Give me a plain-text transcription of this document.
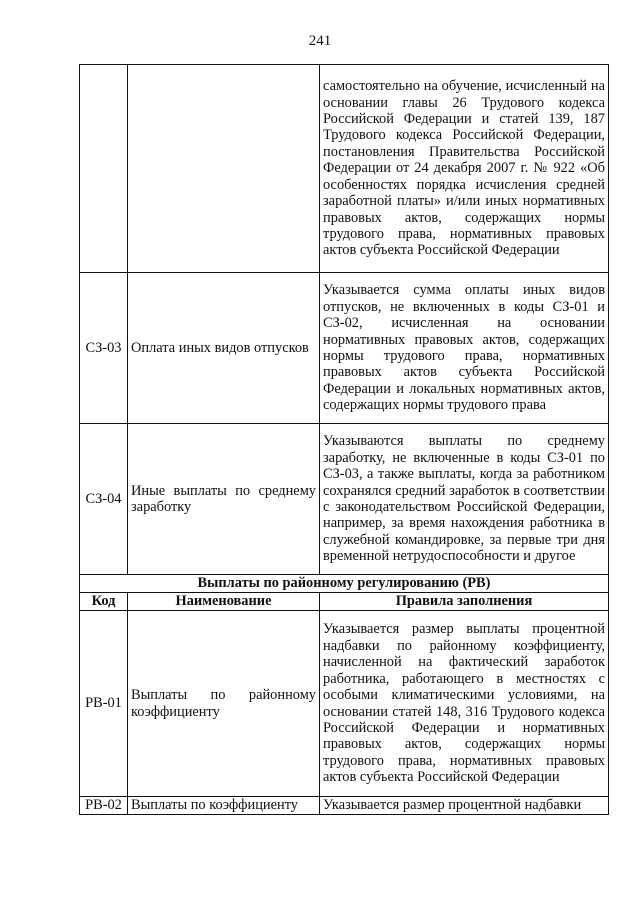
241
		самостоятельно на обучение, исчисленный на основании главы 26 Трудового кодекса Российской Федерации и статей 139, 187 Трудового кодекса Российской Федерации, постановления Правительства Российской Федерации от 24 декабря 2007 г. № 922 «Об особенностях порядка исчисления средней заработной платы» и/или иных нормативных правовых актов, содержащих нормы трудового права, нормативных правовых актов субъекта Российской Федерации
СЗ-03	Оплата иных видов отпусков	Указывается сумма оплаты иных видов отпусков, не включенных в коды СЗ-01 и СЗ-02, исчисленная на основании нормативных правовых актов, содержащих нормы трудового права, нормативных правовых актов субъекта Российской Федерации и локальных нормативных актов, содержащих нормы трудового права
СЗ-04	Иные выплаты по среднему заработку	Указываются выплаты по среднему заработку, не включенные в коды СЗ-01 по СЗ-03, а также выплаты, когда за работником сохранялся средний заработок в соответствии с законодательством Российской Федерации, например, за время нахождения работника в служебной командировке, за первые три дня временной нетрудоспособности и другое
Выплаты по районному регулированию (РВ)		
Код	Наименование	Правила заполнения
РВ-01	Выплаты по районному коэффициенту	Указывается размер выплаты процентной надбавки по районному коэффициенту, начисленной на фактический заработок работника, работающего в местностях с особыми климатическими условиями, на основании статей 148, 316 Трудового кодекса Российской Федерации и нормативных правовых актов, содержащих нормы трудового права, нормативных правовых актов субъекта Российской Федерации
РВ-02	Выплаты по коэффициенту	Указывается размер процентной надбавки
